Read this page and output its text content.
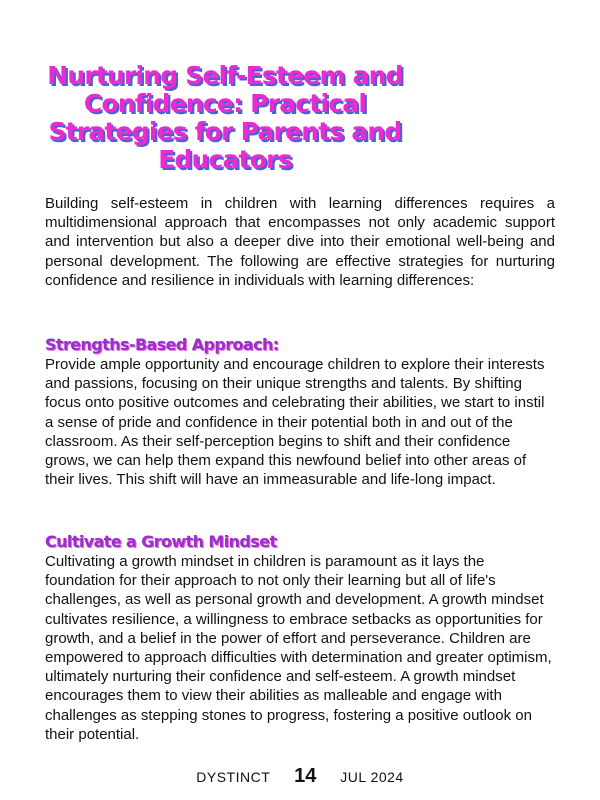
Nurturing Self-Esteem and Confidence: Practical Strategies for Parents and Educators

Building self-esteem in children with learning differences requires a multidimensional approach that encompasses not only academic support and intervention but also a deeper dive into their emotional well-being and personal development. The following are effective strategies for nurturing confidence and resilience in individuals with learning differences:

Strengths-Based Approach:

Provide ample opportunity and encourage children to explore their interests and passions, focusing on their unique strengths and talents. By shifting focus onto positive outcomes and celebrating their abilities, we start to instil a sense of pride and confidence in their potential both in and out of the classroom. As their self-perception begins to shift and their confidence grows, we can help them expand this newfound belief into other areas of their lives. This shift will have an immeasurable and life-long impact.

Cultivate a Growth Mindset

Cultivating a growth mindset in children is paramount as it lays the foundation for their approach to not only their learning but all of life's challenges, as well as personal growth and development. A growth mindset cultivates resilience, a willingness to embrace setbacks as opportunities for growth, and a belief in the power of effort and perseverance. Children are empowered to approach difficulties with determination and greater optimism, ultimately nurturing their confidence and self-esteem. A growth mindset encourages them to view their abilities as malleable and engage with challenges as stepping stones to progress, fostering a positive outlook on their potential.

DYSTINCT 14 JUL 2024
